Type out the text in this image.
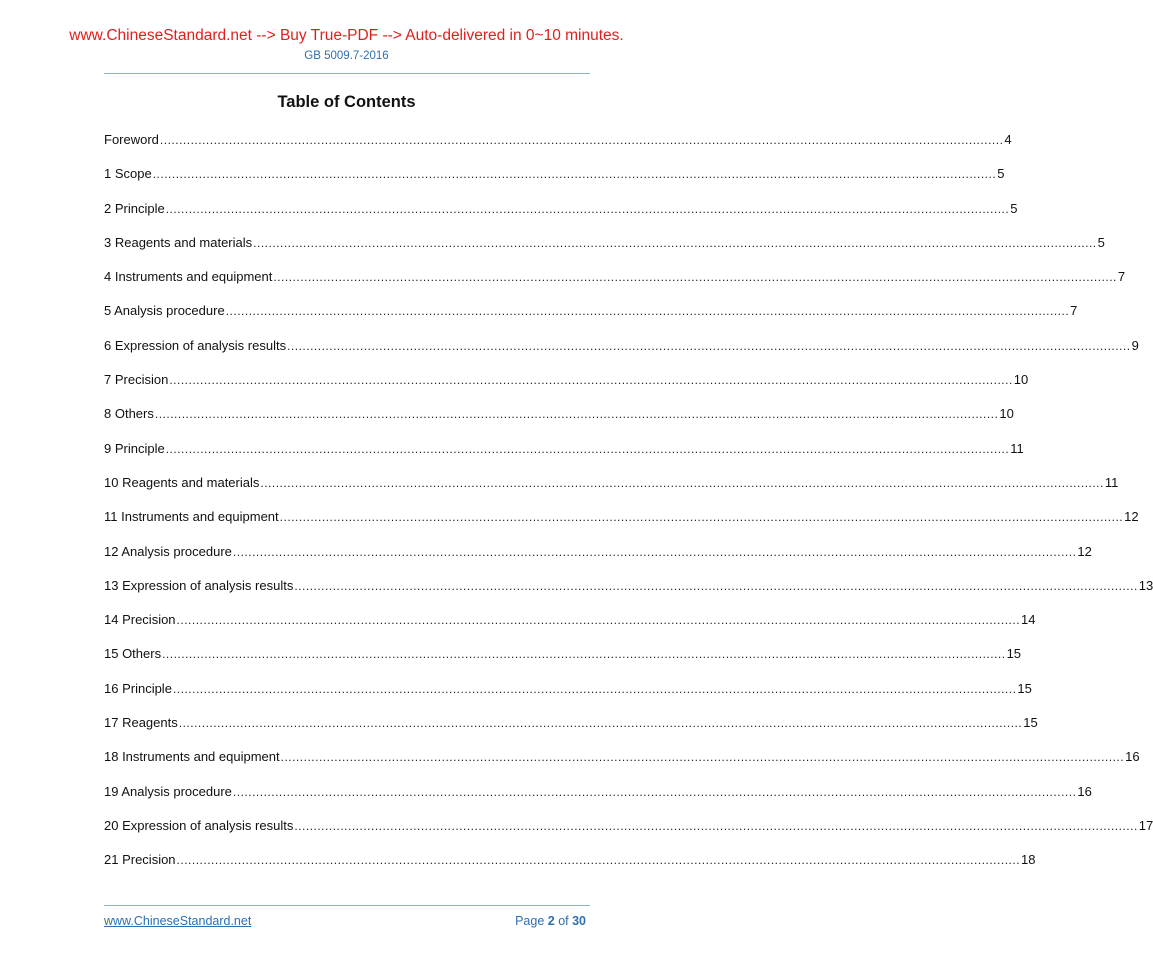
www.ChineseStandard.net --> Buy True-PDF --> Auto-delivered in 0~10 minutes.
GB 5009.7-2016
Table of Contents
Foreword ............................................................................................................................................................................................................................ 4
1 Scope ............................................................................................................................................................................................................................ 5
2 Principle ............................................................................................................................................................................................................................ 5
3 Reagents and materials ............................................................................................................................................................................................................................ 5
4 Instruments and equipment ............................................................................................................................................................................................................................ 7
5 Analysis procedure ............................................................................................................................................................................................................................ 7
6 Expression of analysis results ............................................................................................................................................................................................................................ 9
7 Precision ............................................................................................................................................................................................................................ 10
8 Others ............................................................................................................................................................................................................................ 10
9 Principle ............................................................................................................................................................................................................................ 11
10 Reagents and materials ............................................................................................................................................................................................................................ 11
11 Instruments and equipment ............................................................................................................................................................................................................................ 12
12 Analysis procedure ............................................................................................................................................................................................................................ 12
13 Expression of analysis results ............................................................................................................................................................................................................................ 13
14 Precision ............................................................................................................................................................................................................................ 14
15 Others ............................................................................................................................................................................................................................ 15
16 Principle ............................................................................................................................................................................................................................ 15
17 Reagents ............................................................................................................................................................................................................................ 15
18 Instruments and equipment ............................................................................................................................................................................................................................ 16
19 Analysis procedure ............................................................................................................................................................................................................................ 16
20 Expression of analysis results ............................................................................................................................................................................................................................ 17
21 Precision ............................................................................................................................................................................................................................ 18
www.ChineseStandard.net	Page 2 of 30
